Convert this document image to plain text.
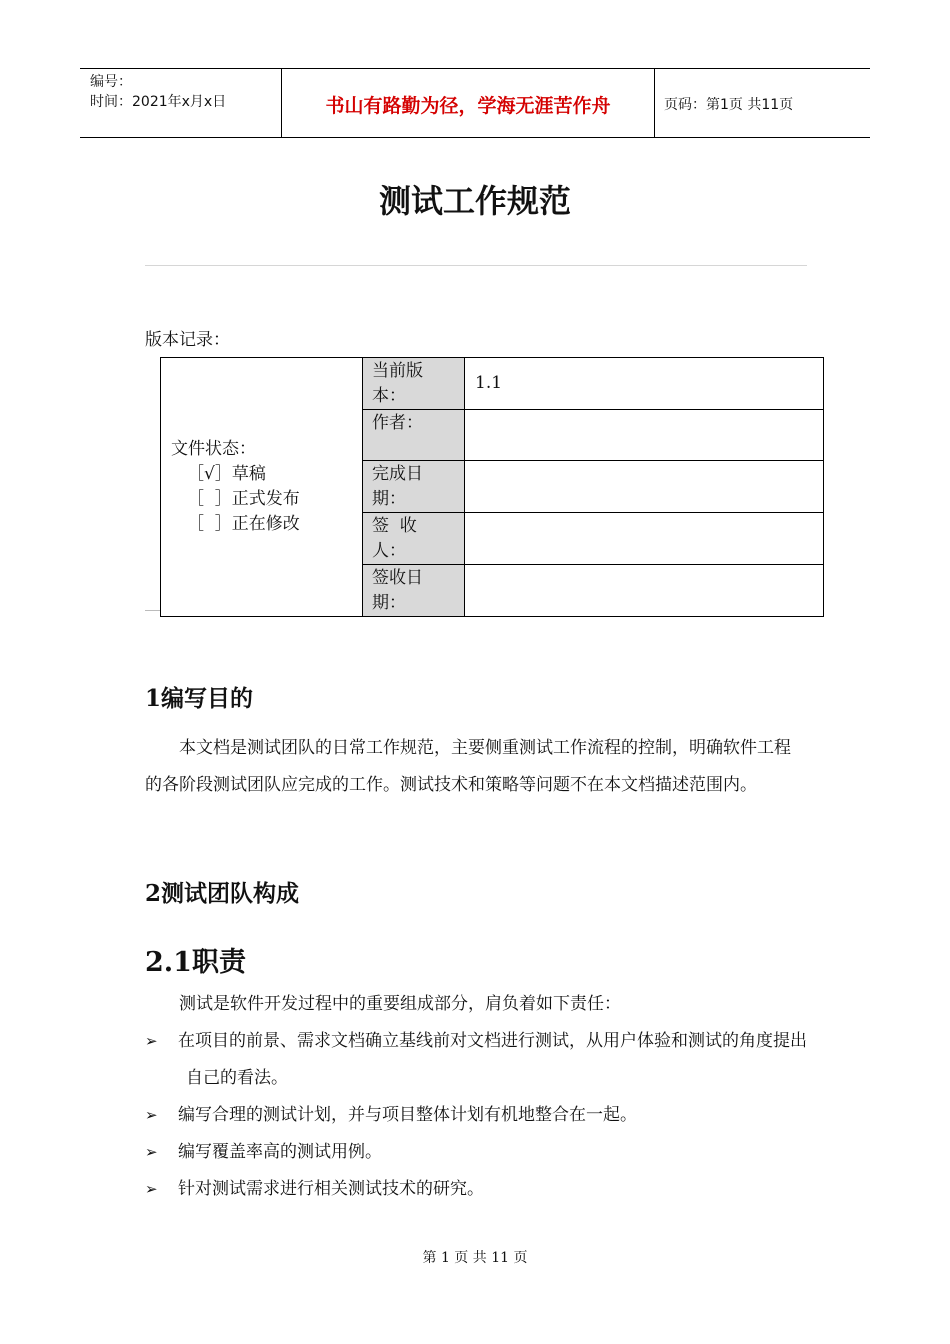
编号：
时间：2021年x月x日	书山有路勤为径，学海无涯苦作舟	页码：第1页 共11页
测试工作规范
版本记录：
文件状态：
［√］草稿
［  ］正式发布
［  ］正在修改	当前版本：	1.1

	作者：	

	完成日期：	

	签  收人：	

	签收日期：	

1编写目的
本文档是测试团队的日常工作规范，主要侧重测试工作流程的控制，明确软件工程的各阶段测试团队应完成的工作。测试技术和策略等问题不在本文档描述范围内。
2测试团队构成
2.1职责
测试是软件开发过程中的重要组成部分，肩负着如下责任：
➢ 在项目的前景、需求文档确立基线前对文档进行测试，从用户体验和测试的角度提出自己的看法。
➢ 编写合理的测试计划，并与项目整体计划有机地整合在一起。
➢ 编写覆盖率高的测试用例。
➢ 针对测试需求进行相关测试技术的研究。
第 1 页 共 11 页
